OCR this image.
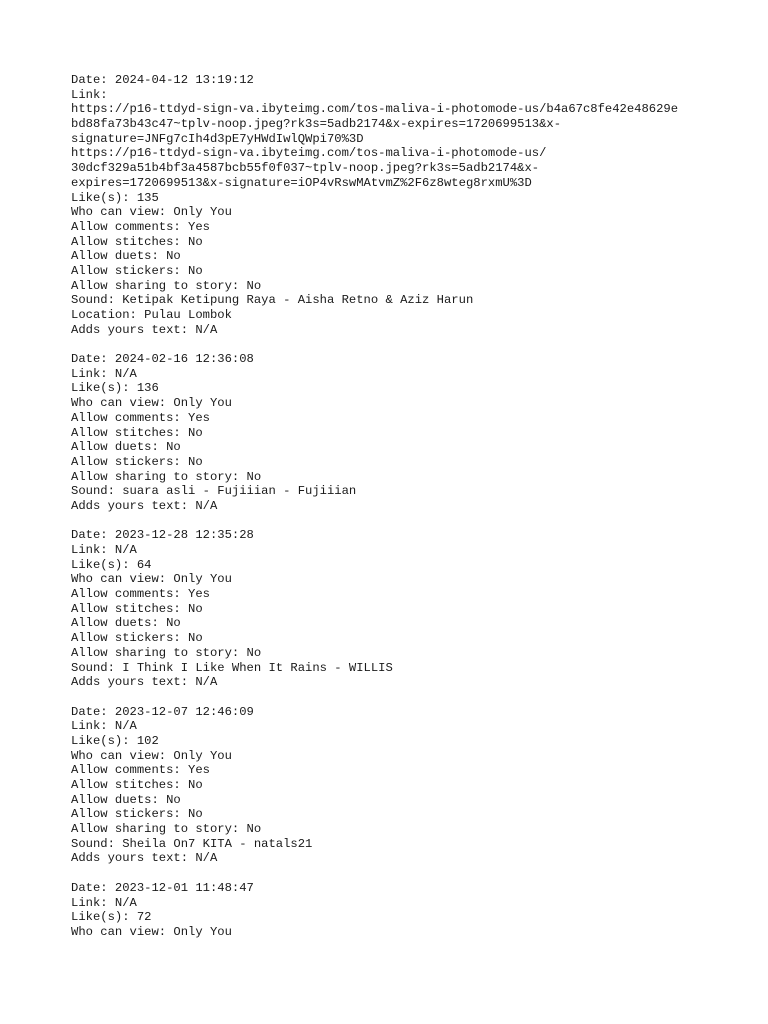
Date: 2024-04-12 13:19:12
Link:
https://p16-ttdyd-sign-va.ibyteimg.com/tos-maliva-i-photomode-us/b4a67c8fe42e48629e
bd88fa73b43c47~tplv-noop.jpeg?rk3s=5adb2174&x-expires=1720699513&x-
signature=JNFg7cIh4d3pE7yHWdIwlQWpi70%3D
https://p16-ttdyd-sign-va.ibyteimg.com/tos-maliva-i-photomode-us/
30dcf329a51b4bf3a4587bcb55f0f037~tplv-noop.jpeg?rk3s=5adb2174&x-
expires=1720699513&x-signature=iOP4vRswMAtvmZ%2F6z8wteg8rxmU%3D
Like(s): 135
Who can view: Only You
Allow comments: Yes
Allow stitches: No
Allow duets: No
Allow stickers: No
Allow sharing to story: No
Sound: Ketipak Ketipung Raya - Aisha Retno & Aziz Harun
Location: Pulau Lombok
Adds yours text: N/A
Date: 2024-02-16 12:36:08
Link: N/A
Like(s): 136
Who can view: Only You
Allow comments: Yes
Allow stitches: No
Allow duets: No
Allow stickers: No
Allow sharing to story: No
Sound: suara asli - Fujiiian - Fujiiian
Adds yours text: N/A
Date: 2023-12-28 12:35:28
Link: N/A
Like(s): 64
Who can view: Only You
Allow comments: Yes
Allow stitches: No
Allow duets: No
Allow stickers: No
Allow sharing to story: No
Sound: I Think I Like When It Rains - WILLIS
Adds yours text: N/A
Date: 2023-12-07 12:46:09
Link: N/A
Like(s): 102
Who can view: Only You
Allow comments: Yes
Allow stitches: No
Allow duets: No
Allow stickers: No
Allow sharing to story: No
Sound: Sheila On7 KITA - natals21
Adds yours text: N/A
Date: 2023-12-01 11:48:47
Link: N/A
Like(s): 72
Who can view: Only You
